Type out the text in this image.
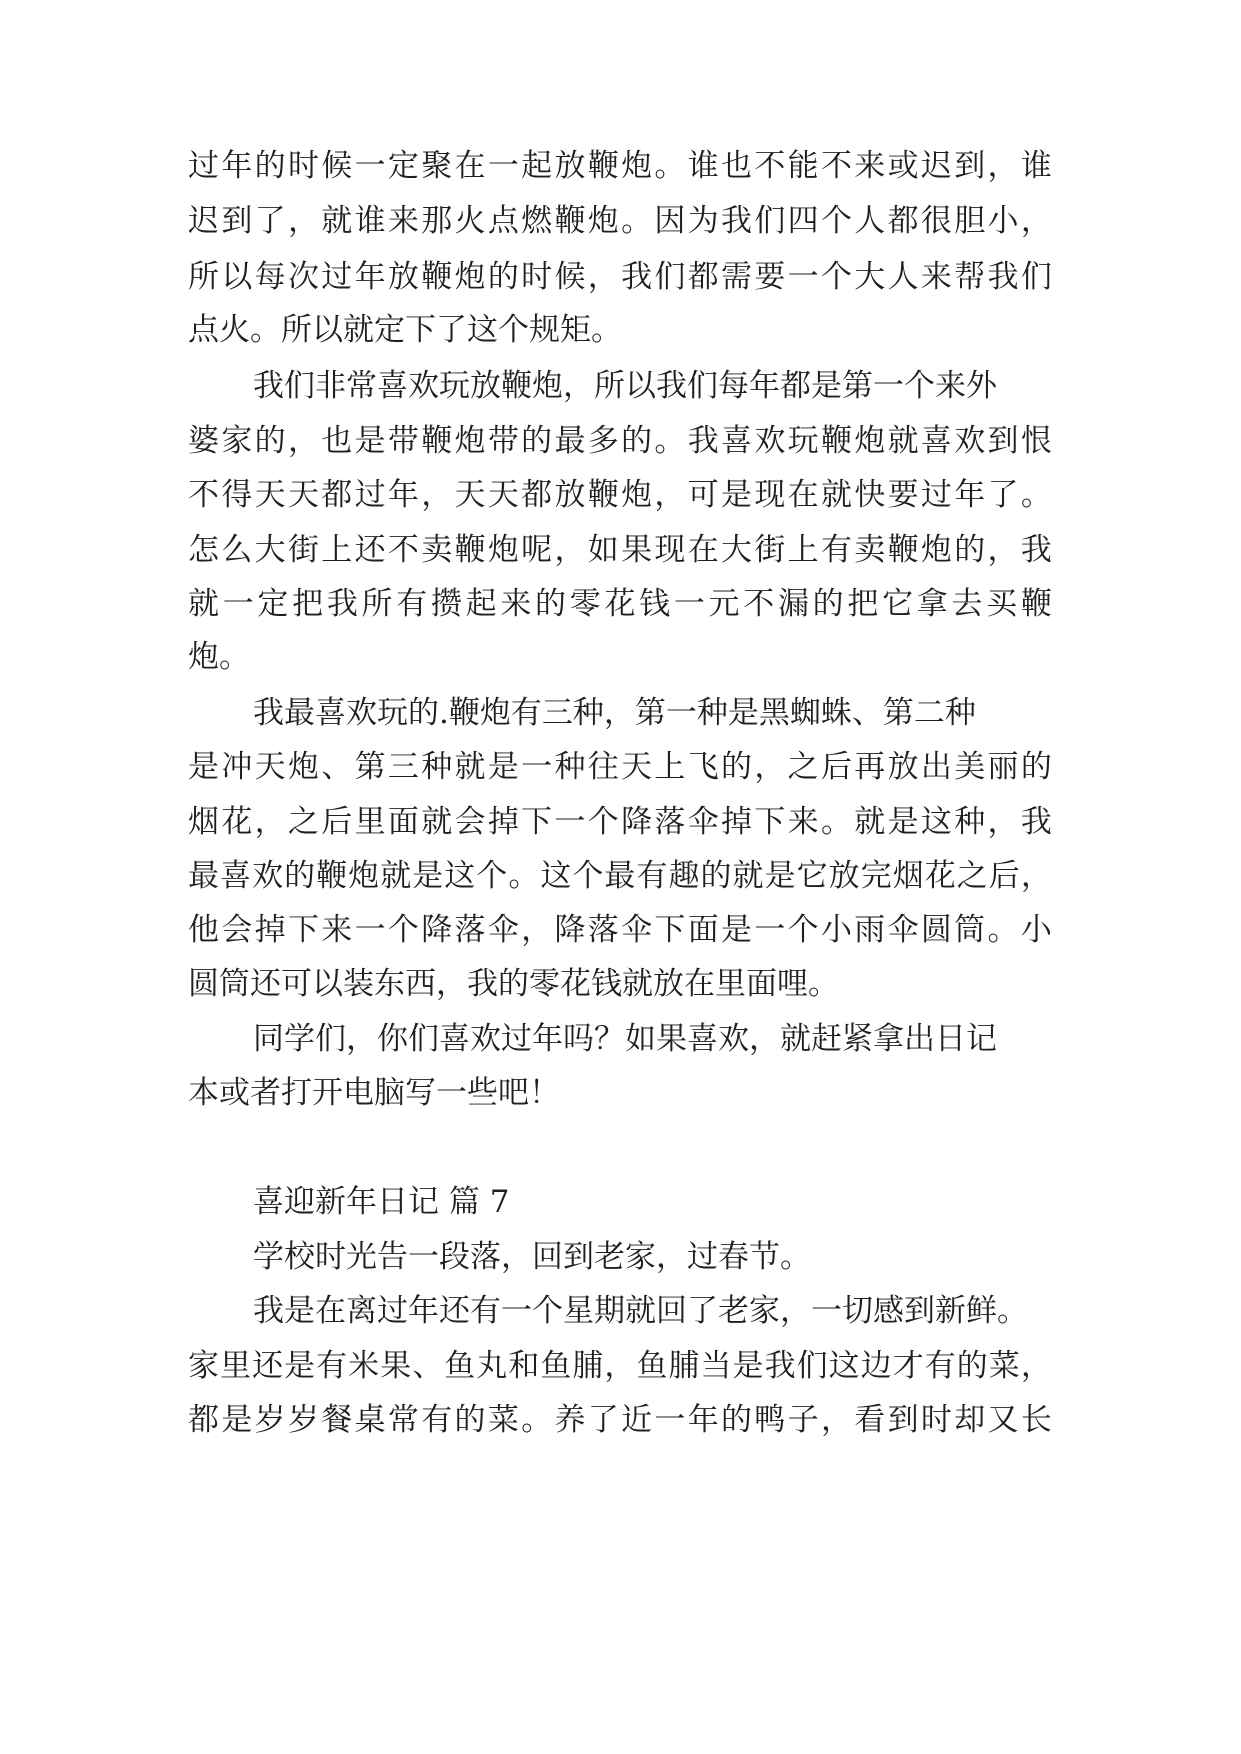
过 年 的 时 候 一 定 聚 在 一 起 放 鞭 炮 。 谁 也 不 能 不 来 或 迟 到 ， 谁
迟 到 了 ， 就 谁 来 那 火 点 燃 鞭 炮 。 因 为 我 们 四 个 人 都 很 胆 小 ，
所 以 每 次 过 年 放 鞭 炮 的 时 候 ， 我 们 都 需 要 一 个 大 人 来 帮 我 们
点火。所以就定下了这个规矩。
我们非常喜欢玩放鞭炮，所以我们每年都是第一个来外
婆 家 的 ， 也 是 带 鞭 炮 带 的 最 多 的 。 我 喜 欢 玩 鞭 炮 就 喜 欢 到 恨
不 得 天 天 都 过 年 ， 天 天 都 放 鞭 炮 ， 可 是 现 在 就 快 要 过 年 了 。
怎 么 大 街 上 还 不 卖 鞭 炮 呢 ， 如 果 现 在 大 街 上 有 卖 鞭 炮 的 ， 我
就 一 定 把 我 所 有 攒 起 来 的 零 花 钱 一 元 不 漏 的 把 它 拿 去 买 鞭
炮。
我最喜欢玩的.鞭炮有三种，第一种是黑蜘蛛、第二种
是 冲 天 炮 、 第 三 种 就 是 一 种 往 天 上 飞 的 ， 之 后 再 放 出 美 丽 的
烟 花 ， 之 后 里 面 就 会 掉 下 一 个 降 落 伞 掉 下 来 。 就 是 这 种 ， 我
最 喜 欢 的 鞭 炮 就 是 这 个 。 这 个 最 有 趣 的 就 是 它 放 完 烟 花 之 后 ，
他 会 掉 下 来 一 个 降 落 伞 ， 降 落 伞 下 面 是 一 个 小 雨 伞 圆 筒 。 小
圆筒还可以装东西，我的零花钱就放在里面哩。
同学们，你们喜欢过年吗？如果喜欢，就赶紧拿出日记
本或者打开电脑写一些吧！
喜迎新年日记 篇 7
学校时光告一段落，回到老家，过春节。
我是在离过年还有一个星期就回了老家，一切感到新鲜。
家 里 还 是 有 米 果 、 鱼 丸 和 鱼 脯 ， 鱼 脯 当 是 我 们 这 边 才 有 的 菜 ，
都 是 岁 岁 餐 桌 常 有 的 菜 。 养 了 近 一 年 的 鸭 子 ， 看 到 时 却 又 长
